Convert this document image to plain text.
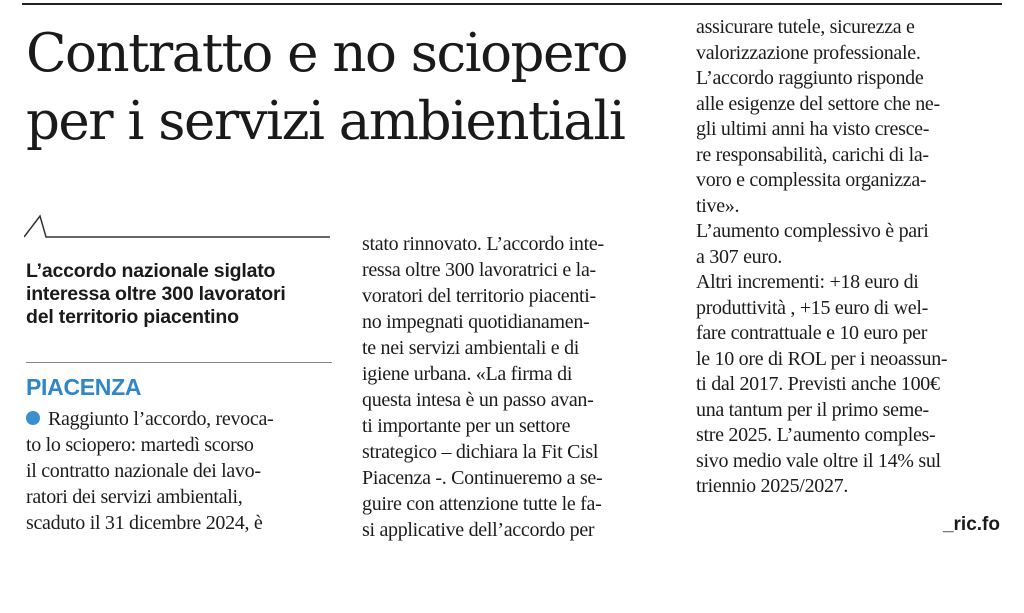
Contratto e no sciopero
per i servizi ambientiali
L’accordo nazionale siglato
interessa oltre 300 lavoratori
del territorio piacentino
PIACENZA
Raggiunto l’accordo, revoca-
to lo sciopero: martedì scorso
il contratto nazionale dei lavo-
ratori dei servizi ambientali,
scaduto il 31 dicembre 2024, è
stato rinnovato. L’accordo inte-
ressa oltre 300 lavoratrici e la-
voratori del territorio piacenti-
no impegnati quotidianamen-
te nei servizi ambientali e di
igiene urbana. «La firma di
questa intesa è un passo avan-
ti importante per un settore
strategico – dichiara la Fit Cisl
Piacenza -. Continueremo a se-
guire con attenzione tutte le fa-
si applicative dell’accordo per
assicurare tutele, sicurezza e
valorizzazione professionale.
L’accordo raggiunto risponde
alle esigenze del settore che ne-
gli ultimi anni ha visto cresce-
re responsabilità, carichi di la-
voro e complessita organizza-
tive».
L’aumento complessivo è pari
a 307 euro.
Altri incrementi: +18 euro di
produttività , +15 euro di wel-
fare contrattuale e 10 euro per
le 10 ore di ROL per i neoassun-
ti dal 2017. Previsti anche 100€
una tantum per il primo seme-
stre 2025. L’aumento comples-
sivo medio vale oltre il 14% sul
triennio 2025/2027.
_ric.fo
